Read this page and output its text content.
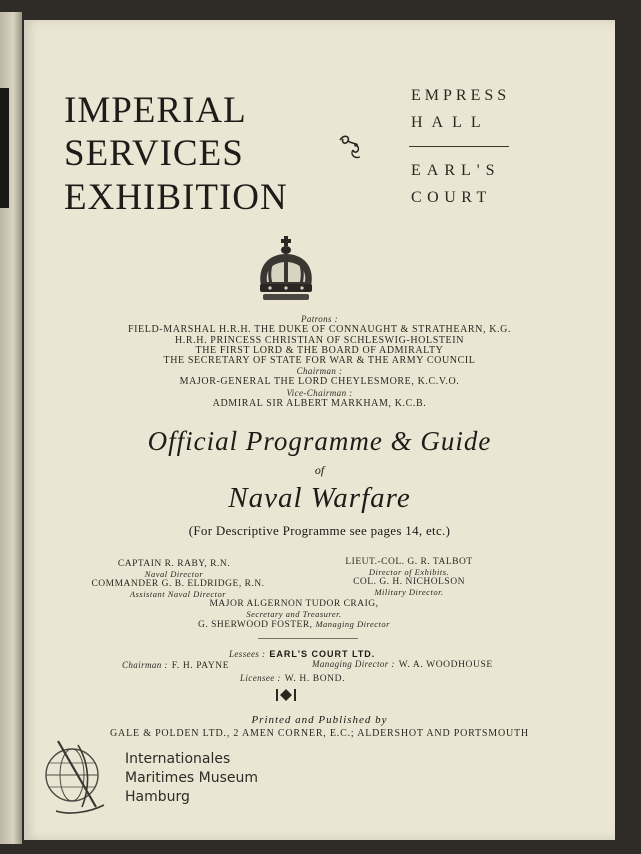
IMPERIAL
SERVICES
EXHIBITION
EMPRESS
HALL
EARL'S
COURT
Patrons :
FIELD-MARSHAL H.R.H. THE DUKE OF CONNAUGHT & STRATHEARN, K.G.
H.R.H. PRINCESS CHRISTIAN OF SCHLESWIG-HOLSTEIN
THE FIRST LORD & THE BOARD OF ADMIRALTY
THE SECRETARY OF STATE FOR WAR & THE ARMY COUNCIL
Chairman :
MAJOR-GENERAL THE LORD CHEYLESMORE, K.C.V.O.
Vice-Chairman :
ADMIRAL SIR ALBERT MARKHAM, K.C.B.
Official Programme & Guide
of
Naval Warfare
(For Descriptive Programme see pages 14, etc.)
CAPTAIN R. RABY, R.N.
Naval Director
LIEUT.-COL. G. R. TALBOT
Director of Exhibits.
COMMANDER G. B. ELDRIDGE, R.N.
Assistant Naval Director
COL. G. H. NICHOLSON
Military Director.
MAJOR ALGERNON TUDOR CRAIG,
Secretary and Treasurer.
G. SHERWOOD FOSTER, Managing Director
Lessees : EARL'S COURT LTD.
Chairman : F. H. PAYNE	Managing Director : W. A. WOODHOUSE
Licensee : W. H. BOND.
Printed and Published by
GALE & POLDEN LTD., 2 AMEN CORNER, E.C.; ALDERSHOT AND PORTSMOUTH
Internationales
Maritimes Museum
Hamburg
